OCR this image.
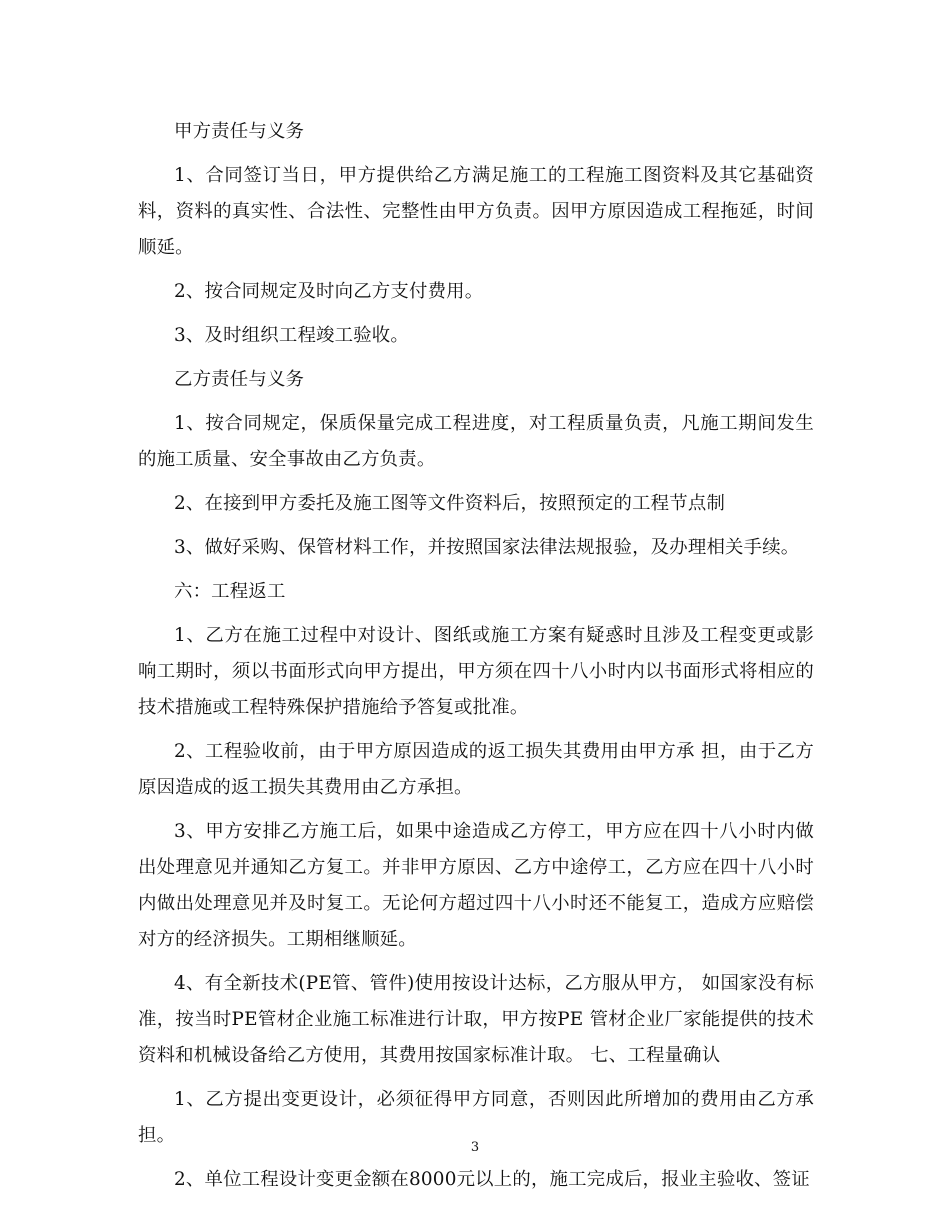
甲方责任与义务

1、合同签订当日，甲方提供给乙方满足施工的工程施工图资料及其它基础资料，资料的真实性、合法性、完整性由甲方负责。因甲方原因造成工程拖延，时间顺延。

2、按合同规定及时向乙方支付费用。

3、及时组织工程竣工验收。

乙方责任与义务

1、按合同规定，保质保量完成工程进度，对工程质量负责，凡施工期间发生的施工质量、安全事故由乙方负责。

2、在接到甲方委托及施工图等文件资料后，按照预定的工程节点制

3、做好采购、保管材料工作，并按照国家法律法规报验，及办理相关手续。

六：工程返工

1、乙方在施工过程中对设计、图纸或施工方案有疑惑时且涉及工程变更或影响工期时，须以书面形式向甲方提出，甲方须在四十八小时内以书面形式将相应的技术措施或工程特殊保护措施给予答复或批准。

2、工程验收前，由于甲方原因造成的返工损失其费用由甲方承 担，由于乙方原因造成的返工损失其费用由乙方承担。

3、甲方安排乙方施工后，如果中途造成乙方停工，甲方应在四十八小时内做出处理意见并通知乙方复工。并非甲方原因、乙方中途停工，乙方应在四十八小时内做出处理意见并及时复工。无论何方超过四十八小时还不能复工，造成方应赔偿对方的经济损失。工期相继顺延。

4、有全新技术(PE管、管件)使用按设计达标，乙方服从甲方， 如国家没有标准，按当时PE管材企业施工标准进行计取，甲方按PE 管材企业厂家能提供的技术资料和机械设备给乙方使用，其费用按国家标准计取。 七、工程量确认

1、乙方提出变更设计，必须征得甲方同意，否则因此所增加的费用由乙方承担。

2、单位工程设计变更金额在8000元以上的，施工完成后，报业主验收、签证

3
